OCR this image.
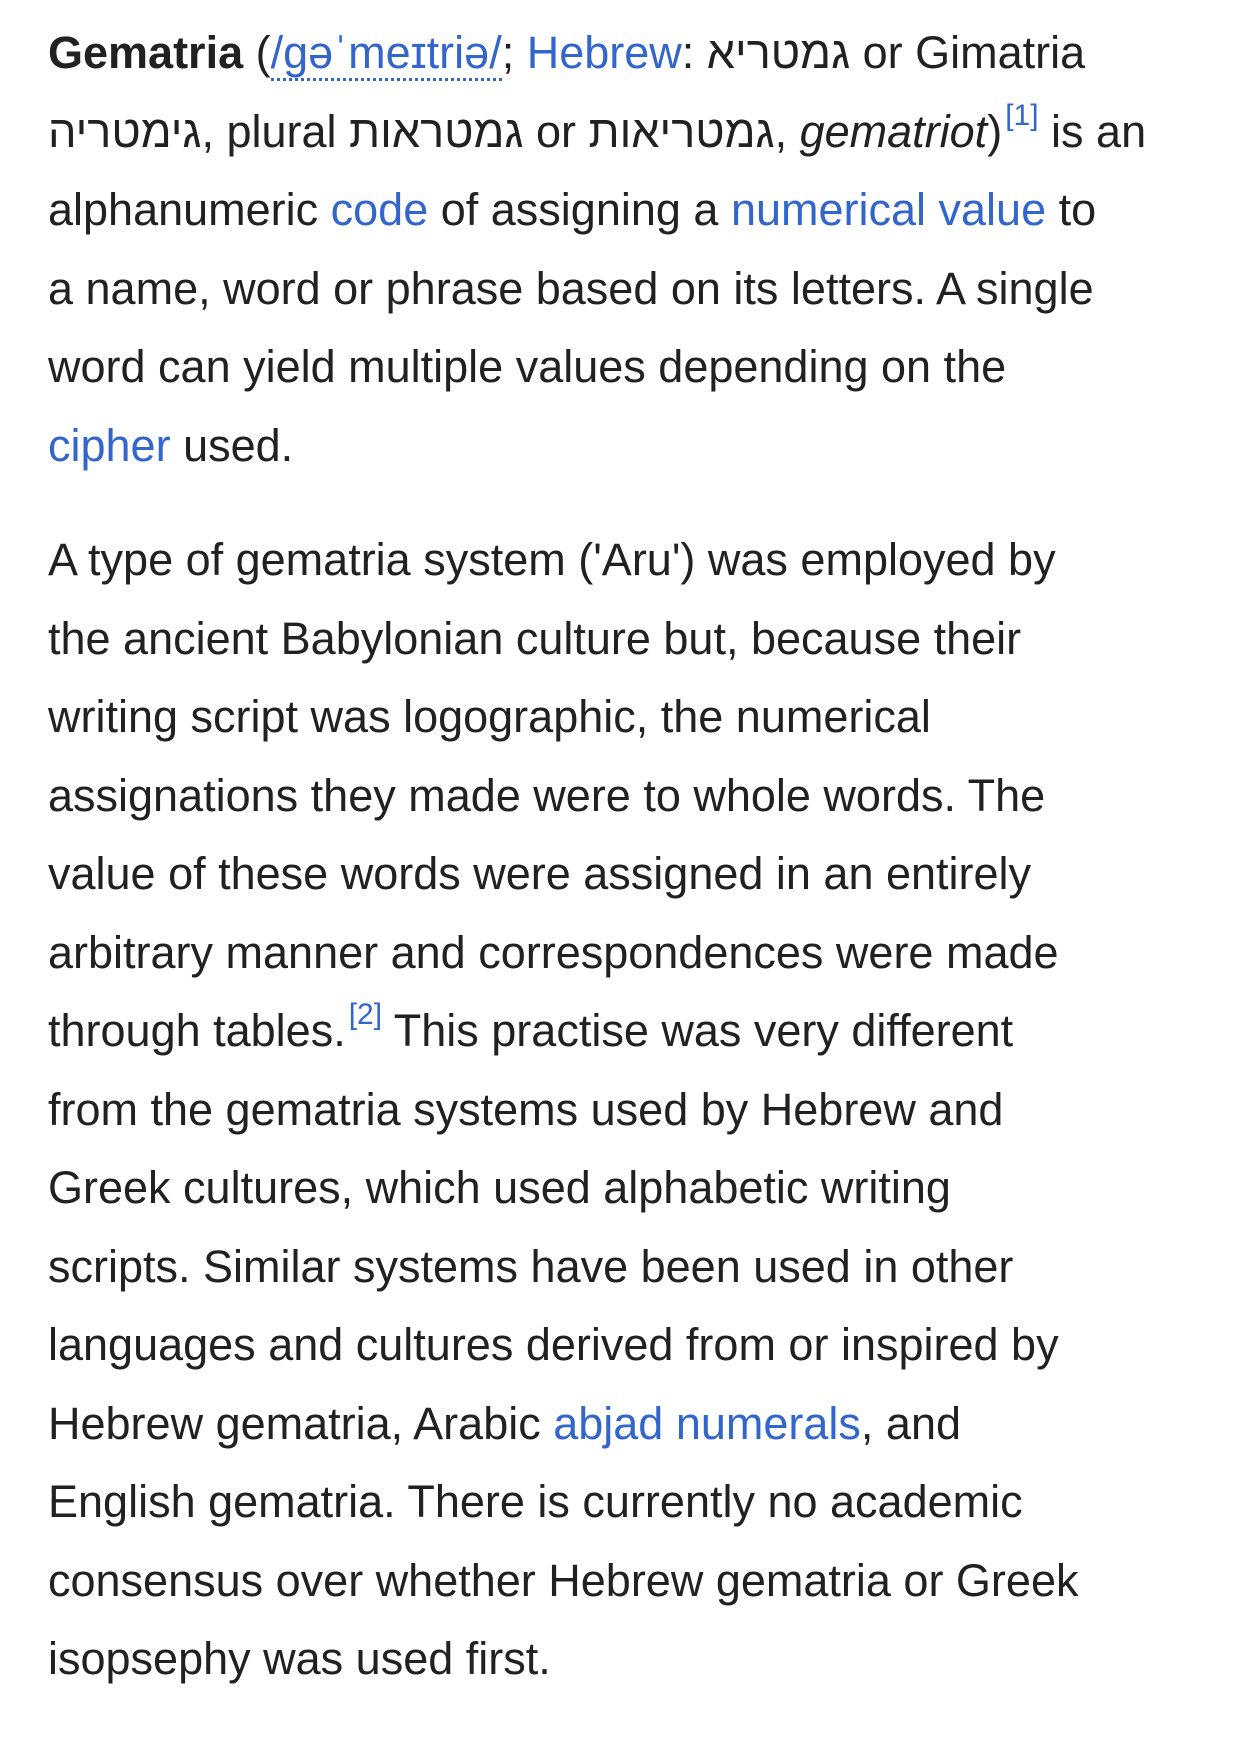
Gematria (/ɡəˈmeɪtriə/; Hebrew: גמטריא or Gimatria
גימטריה, plural גמטראות or גמטריאות, gematriot) [1] is an
alphanumeric code of assigning a numerical value to
a name, word or phrase based on its letters. A single
word can yield multiple values depending on the
cipher used.

A type of gematria system ('Aru') was employed by
the ancient Babylonian culture but, because their
writing script was logographic, the numerical
assignations they made were to whole words. The
value of these words were assigned in an entirely
arbitrary manner and correspondences were made
through tables. [2] This practise was very different
from the gematria systems used by Hebrew and
Greek cultures, which used alphabetic writing
scripts. Similar systems have been used in other
languages and cultures derived from or inspired by
Hebrew gematria, Arabic abjad numerals, and
English gematria. There is currently no academic
consensus over whether Hebrew gematria or Greek
isopsephy was used first.
